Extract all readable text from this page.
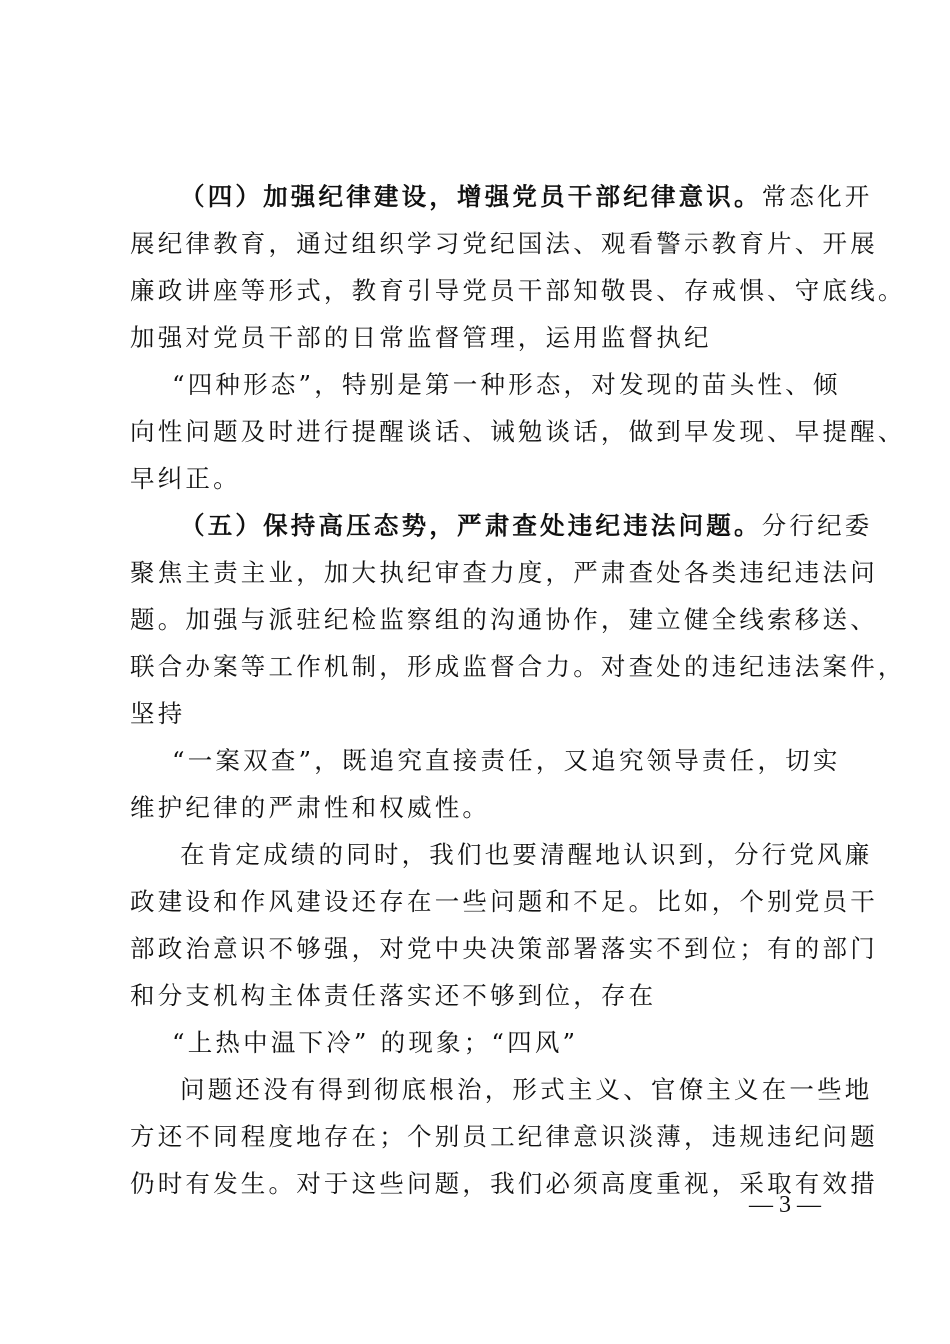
（四）加强纪律建设，增强党员干部纪律意识。常态化开
展纪律教育，通过组织学习党纪国法、观看警示教育片、开展
廉政讲座等形式，教育引导党员干部知敬畏、存戒惧、守底线。
加强对党员干部的日常监督管理，运用监督执纪
“四种形态”，特别是第一种形态，对发现的苗头性、倾
向性问题及时进行提醒谈话、诫勉谈话，做到早发现、早提醒、
早纠正。
（五）保持高压态势，严肃查处违纪违法问题。分行纪委
聚焦主责主业，加大执纪审查力度，严肃查处各类违纪违法问
题。加强与派驻纪检监察组的沟通协作，建立健全线索移送、
联合办案等工作机制，形成监督合力。对查处的违纪违法案件，
坚持
“一案双查”，既追究直接责任，又追究领导责任，切实
维护纪律的严肃性和权威性。
在肯定成绩的同时，我们也要清醒地认识到，分行党风廉
政建设和作风建设还存在一些问题和不足。比如，个别党员干
部政治意识不够强，对党中央决策部署落实不到位；有的部门
和分支机构主体责任落实还不够到位，存在
“上热中温下冷” 的现象；“四风”
问题还没有得到彻底根治，形式主义、官僚主义在一些地
方还不同程度地存在；个别员工纪律意识淡薄，违规违纪问题
仍时有发生。对于这些问题，我们必须高度重视，采取有效措
— 3 —
